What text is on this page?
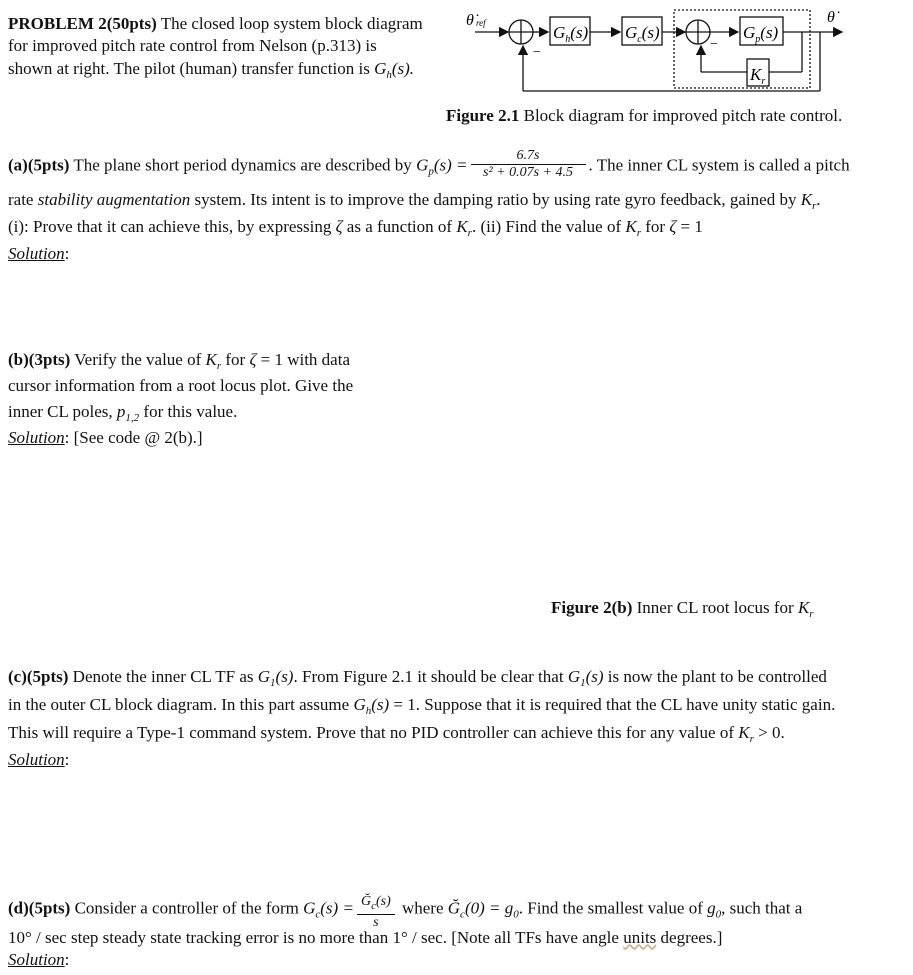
PROBLEM 2(50pts) The closed loop system block diagram
for improved pitch rate control from Nelson (p.313) is
shown at right. The pilot (human) transfer function is $G_h(s)$.
θ̇ ref	$G_h(s)$ $G_c(s)$	$G_p(s)$
$K_r$
−
−
θ̇
Figure 2.1 Block diagram for improved pitch rate control.
(a)(5pts) The plane short period dynamics are described by $G_p(s) = \frac{6.7s}{\text{s² + 0.07s + 4.5}}$ . The inner CL system is called a pitch
rate stability augmentation system. Its intent is to improve the damping ratio by using rate gyro feedback, gained by $K_r$.
(i): Prove that it can achieve this, by expressing ζ as a function of $K_r$. (ii) Find the value of $K_r$ for ζ = 1
Solution:
(b)(3pts) Verify the value of $K_r$ for ζ = 1 with data
cursor information from a root locus plot. Give the
inner CL poles, $p_{1,2}$ for this value.
Solution: [See code @ 2(b).]
Figure 2(b) Inner CL root locus for $K_r$
(c)(5pts) Denote the inner CL TF as $G_1(s)$. From Figure 2.1 it should be clear that $G_1(s)$ is now the plant to be controlled
in the outer CL block diagram. In this part assume $G_h(s) = 1$. Suppose that it is required that the CL have unity static gain.
This will require a Type-1 command system. Prove that no PID controller can achieve this for any value of $K_r > 0$.
Solution:
(d)(5pts) Consider a controller of the form $G_c(s) = \frac{Ğ_c(s)}{s}$ where $Ğ_c(0) = g_0$. Find the smallest value of $g_0$, such that a
10° / sec step steady state tracking error is no more than 1° / sec. [Note all TFs have angle units degrees.]
Solution:
